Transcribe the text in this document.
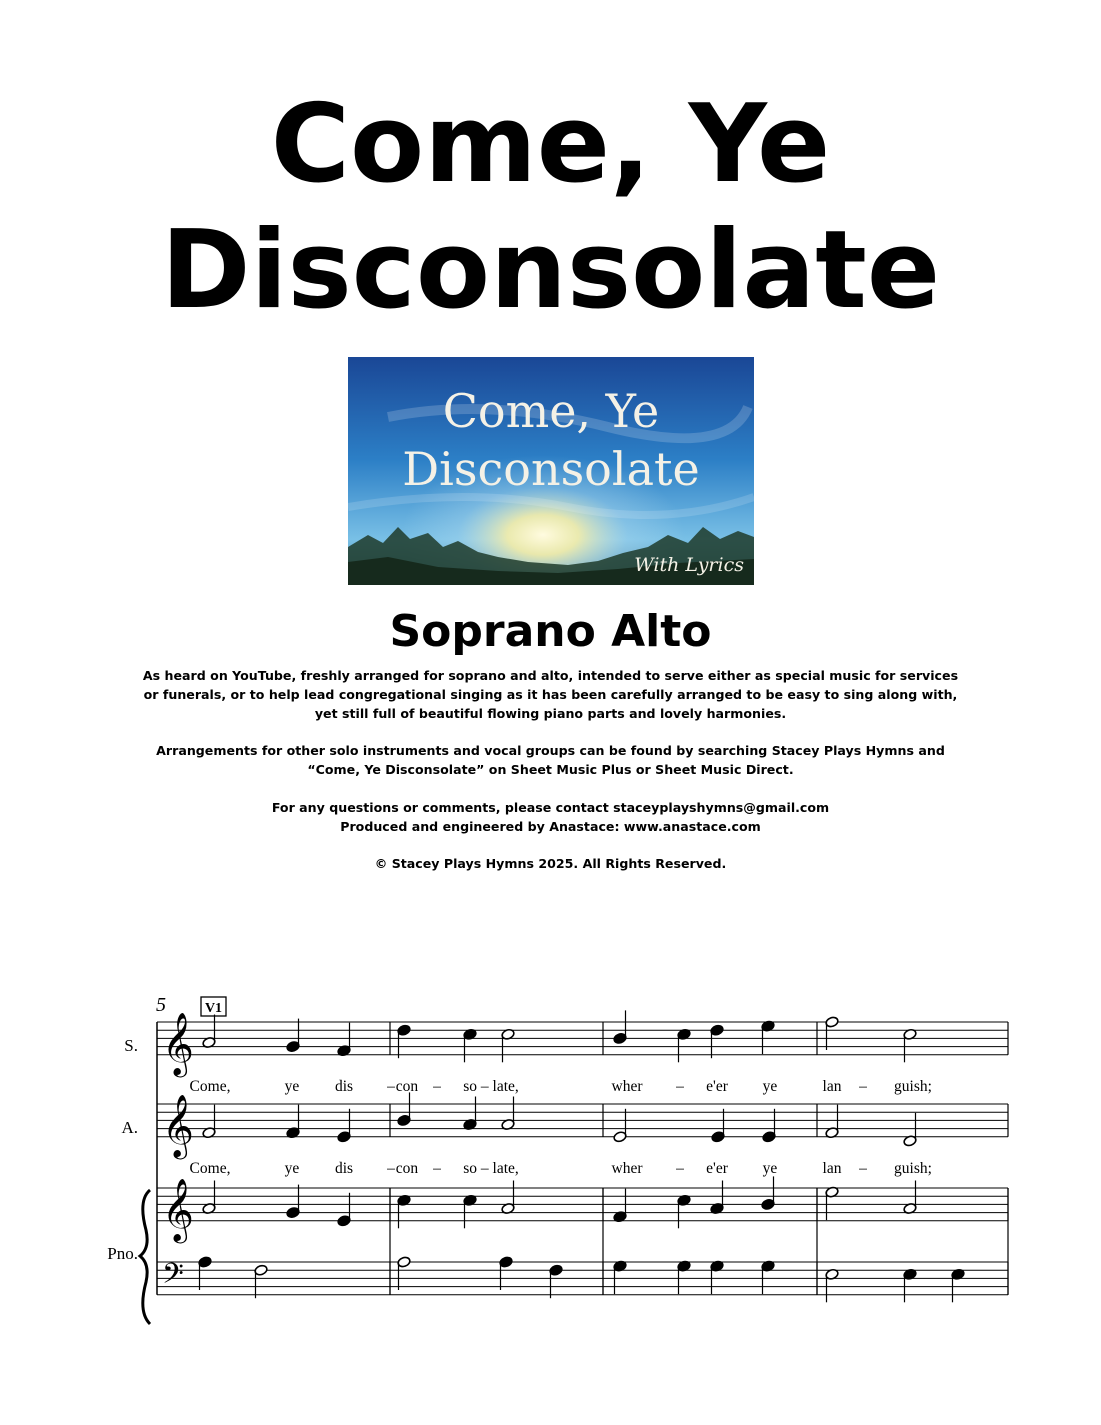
Come, Ye
Disconsolate
Come, Ye
Disconsolate
With Lyrics
Soprano Alto
As heard on YouTube, freshly arranged for soprano and alto, intended to serve either as special music for services
or funerals, or to help lead congregational singing as it has been carefully arranged to be easy to sing along with,
yet still full of beautiful flowing piano parts and lovely harmonies.
Arrangements for other solo instruments and vocal groups can be found by searching Stacey Plays Hymns and
“Come, Ye Disconsolate” on Sheet Music Plus or Sheet Music Direct.
For any questions or comments, please contact staceyplayshymns@gmail.com
Produced and engineered by Anastace: www.anastace.com
© Stacey Plays Hymns 2025. All Rights Reserved.
5	V1
S.
A.
Pno.
𝄞
𝄞
𝄞
𝄢
Come,	ye dis – con – so – late,	wher – e'er ye	lan – guish;
Come,	ye dis – con – so – late,	wher – e'er ye	lan – guish;
